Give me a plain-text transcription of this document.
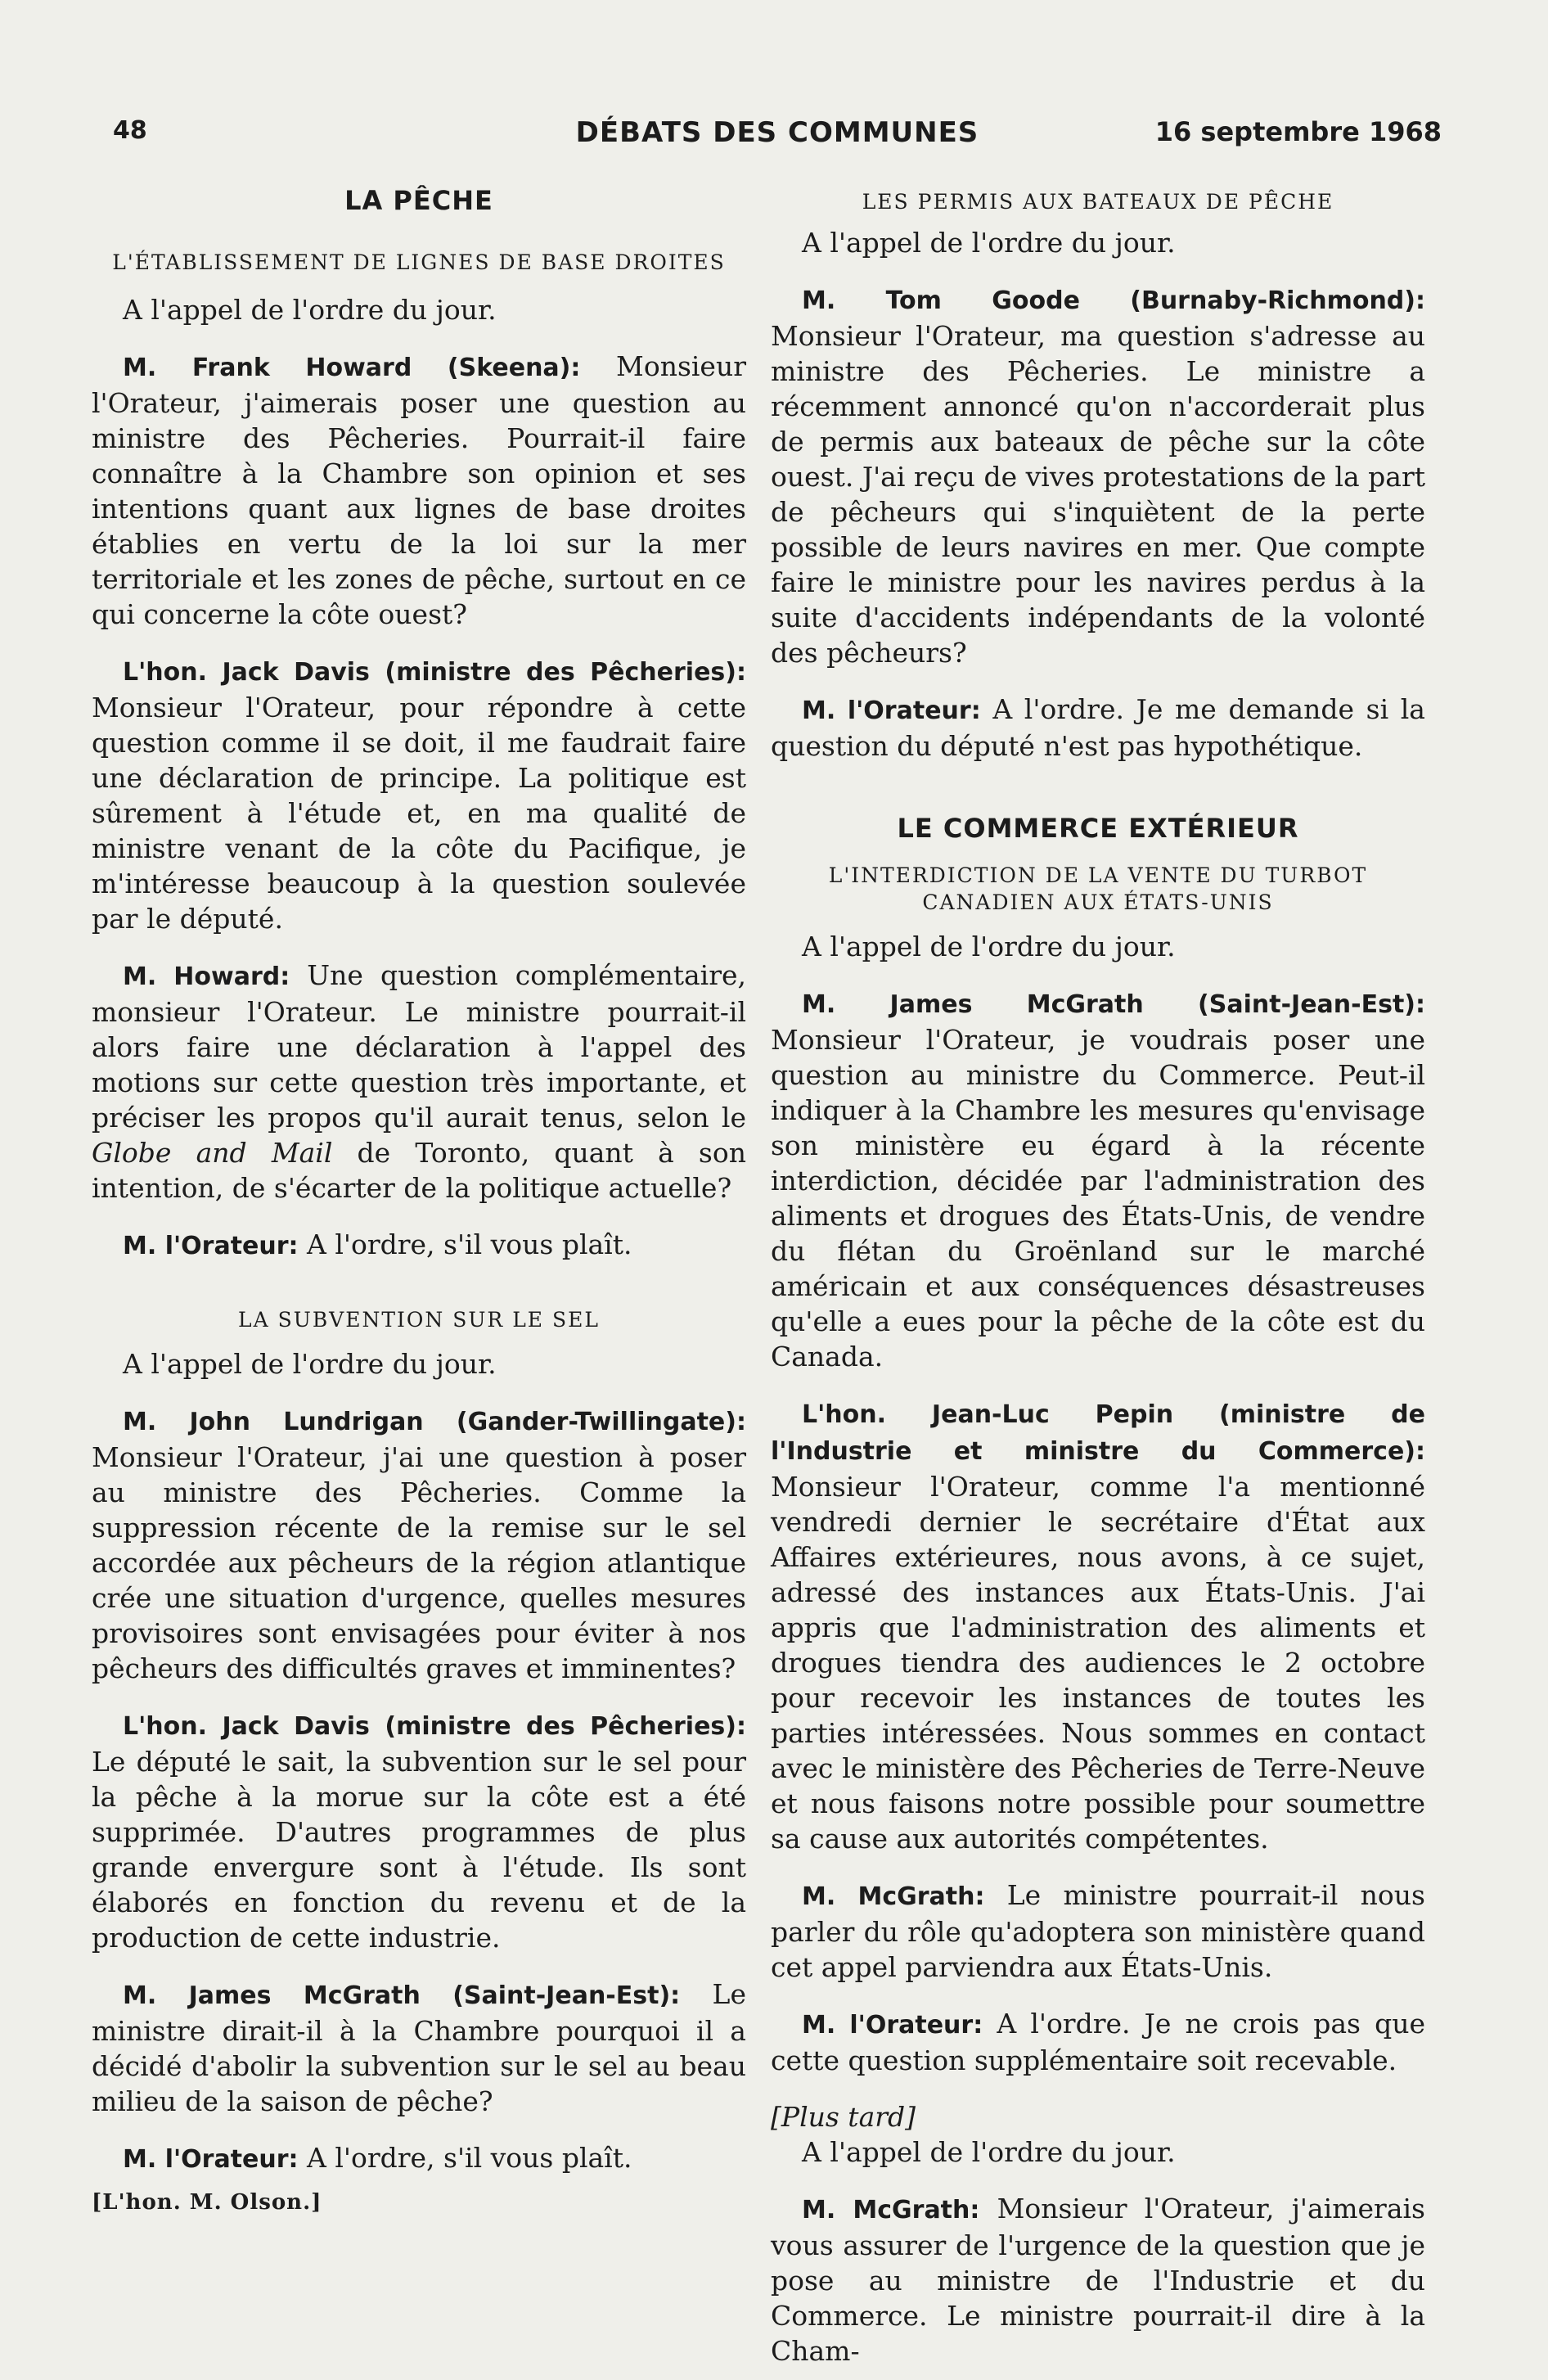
48	DÉBATS DES COMMUNES	16 septembre 1968
LA PÊCHE
L'ÉTABLISSEMENT DE LIGNES DE BASE DROITES

A l'appel de l'ordre du jour.

M. Frank Howard (Skeena): Monsieur l'Orateur, j'aimerais poser une question au ministre des Pêcheries. Pourrait-il faire connaître à la Chambre son opinion et ses intentions quant aux lignes de base droites établies en vertu de la loi sur la mer territoriale et les zones de pêche, surtout en ce qui concerne la côte ouest?

L'hon. Jack Davis (ministre des Pêcheries): Monsieur l'Orateur, pour répondre à cette question comme il se doit, il me faudrait faire une déclaration de principe. La politique est sûrement à l'étude et, en ma qualité de ministre venant de la côte du Pacifique, je m'intéresse beaucoup à la question soulevée par le député.

M. Howard: Une question complémentaire, monsieur l'Orateur. Le ministre pourrait-il alors faire une déclaration à l'appel des motions sur cette question très importante, et préciser les propos qu'il aurait tenus, selon le Globe and Mail de Toronto, quant à son intention, de s'écarter de la politique actuelle?

M. l'Orateur: A l'ordre, s'il vous plaît.

LA SUBVENTION SUR LE SEL

A l'appel de l'ordre du jour.

M. John Lundrigan (Gander-Twillingate): Monsieur l'Orateur, j'ai une question à poser au ministre des Pêcheries. Comme la suppression récente de la remise sur le sel accordée aux pêcheurs de la région atlantique crée une situation d'urgence, quelles mesures provisoires sont envisagées pour éviter à nos pêcheurs des difficultés graves et imminentes?

L'hon. Jack Davis (ministre des Pêcheries): Le député le sait, la subvention sur le sel pour la pêche à la morue sur la côte est a été supprimée. D'autres programmes de plus grande envergure sont à l'étude. Ils sont élaborés en fonction du revenu et de la production de cette industrie.

M. James McGrath (Saint-Jean-Est): Le ministre dirait-il à la Chambre pourquoi il a décidé d'abolir la subvention sur le sel au beau milieu de la saison de pêche?

M. l'Orateur: A l'ordre, s'il vous plaît.

[L'hon. M. Olson.]
LES PERMIS AUX BATEAUX DE PÊCHE

A l'appel de l'ordre du jour.

M. Tom Goode (Burnaby-Richmond): Monsieur l'Orateur, ma question s'adresse au ministre des Pêcheries. Le ministre a récemment annoncé qu'on n'accorderait plus de permis aux bateaux de pêche sur la côte ouest. J'ai reçu de vives protestations de la part de pêcheurs qui s'inquiètent de la perte possible de leurs navires en mer. Que compte faire le ministre pour les navires perdus à la suite d'accidents indépendants de la volonté des pêcheurs?

M. l'Orateur: A l'ordre. Je me demande si la question du député n'est pas hypothétique.

LE COMMERCE EXTÉRIEUR
L'INTERDICTION DE LA VENTE DU TURBOT CANADIEN AUX ÉTATS-UNIS

A l'appel de l'ordre du jour.

M. James McGrath (Saint-Jean-Est): Monsieur l'Orateur, je voudrais poser une question au ministre du Commerce. Peut-il indiquer à la Chambre les mesures qu'envisage son ministère eu égard à la récente interdiction, décidée par l'administration des aliments et drogues des États-Unis, de vendre du flétan du Groënland sur le marché américain et aux conséquences désastreuses qu'elle a eues pour la pêche de la côte est du Canada.

L'hon. Jean-Luc Pepin (ministre de l'Industrie et ministre du Commerce): Monsieur l'Orateur, comme l'a mentionné vendredi dernier le secrétaire d'État aux Affaires extérieures, nous avons, à ce sujet, adressé des instances aux États-Unis. J'ai appris que l'administration des aliments et drogues tiendra des audiences le 2 octobre pour recevoir les instances de toutes les parties intéressées. Nous sommes en contact avec le ministère des Pêcheries de Terre-Neuve et nous faisons notre possible pour soumettre sa cause aux autorités compétentes.

M. McGrath: Le ministre pourrait-il nous parler du rôle qu'adoptera son ministère quand cet appel parviendra aux États-Unis.

M. l'Orateur: A l'ordre. Je ne crois pas que cette question supplémentaire soit recevable.

[Plus tard]

A l'appel de l'ordre du jour.

M. McGrath: Monsieur l'Orateur, j'aimerais vous assurer de l'urgence de la question que je pose au ministre de l'Industrie et du Commerce. Le ministre pourrait-il dire à la Cham-
